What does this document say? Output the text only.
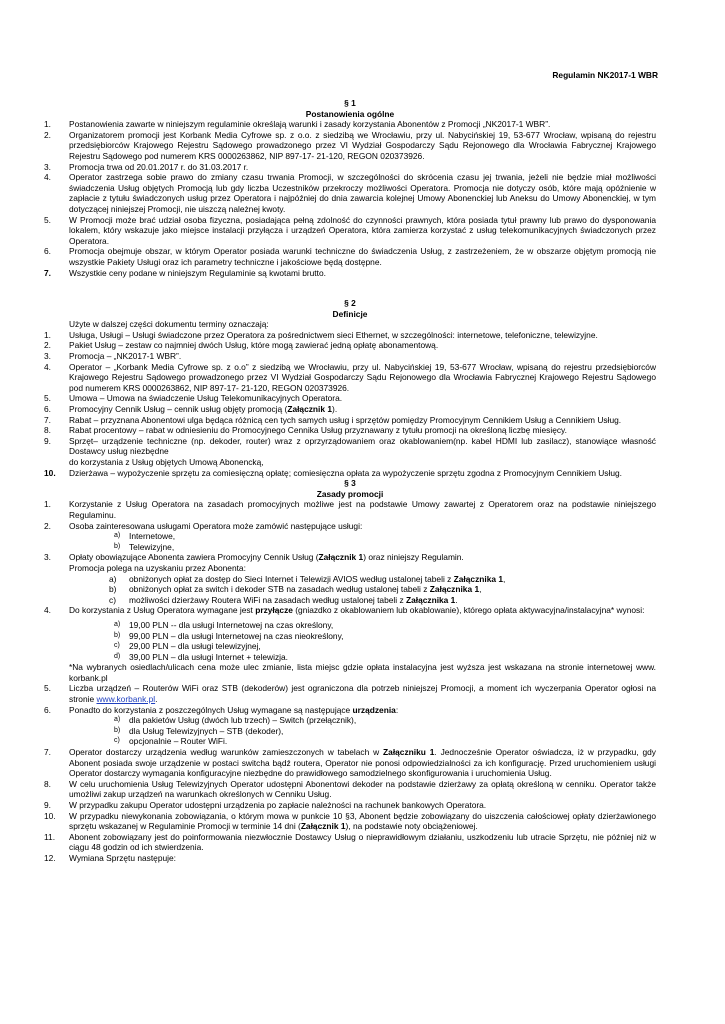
Regulamin NK2017-1 WBR
§ 1
Postanowienia ogólne
1.	Postanowienia zawarte w niniejszym regulaminie określają warunki i zasady korzystania Abonentów z Promocji „NK2017-1 WBR”.
2.	Organizatorem promocji jest Korbank Media Cyfrowe sp. z o.o. z siedzibą we Wrocławiu, przy ul. Nabycińskiej 19, 53-677 Wrocław, wpisaną do rejestru przedsiębiorców Krajowego Rejestru Sądowego prowadzonego przez VI Wydział Gospodarczy Sądu Rejonowego dla Wrocławia Fabrycznej Krajowego Rejestru Sądowego pod numerem KRS 0000263862, NIP 897-17- 21-120, REGON 020373926.
3.	Promocja trwa od 20.01.2017 r. do 31.03.2017 r.
4.	Operator zastrzega sobie prawo do zmiany czasu trwania Promocji, w szczególności do skrócenia czasu jej trwania, jeżeli nie będzie miał możliwości świadczenia Usług objętych Promocją lub gdy liczba Uczestników przekroczy możliwości Operatora. Promocja nie dotyczy osób, które mają opóźnienie w zapłacie z tytułu świadczonych usług przez Operatora i najpóźniej do dnia zawarcia kolejnej Umowy Abonenckiej lub Aneksu do Umowy Abonenckiej, w tym dotyczącej niniejszej Promocji, nie uiszczą należnej kwoty.
5.	W Promocji może brać udział osoba fizyczna, posiadająca pełną zdolność do czynności prawnych, która posiada tytuł prawny lub prawo do dysponowania lokalem, który wskazuje jako miejsce instalacji przyłącza i urządzeń Operatora, która zamierza korzystać z usług telekomunikacyjnych świadczonych przez Operatora.
6.	Promocja obejmuje obszar, w którym Operator posiada warunki techniczne do świadczenia Usług, z zastrzeżeniem, że w obszarze objętym promocją nie wszystkie Pakiety Usługi oraz ich parametry techniczne i jakościowe będą dostępne.
7.	Wszystkie ceny podane w niniejszym Regulaminie są kwotami brutto.
§ 2
Definicje
Użyte w dalszej części dokumentu terminy oznaczają:
1.	Usługa, Usługi – Usługi świadczone przez Operatora za pośrednictwem sieci Ethernet, w szczególności: internetowe, telefoniczne, telewizyjne.
2.	Pakiet Usług – zestaw co najmniej dwóch Usług, które mogą zawierać jedną opłatę abonamentową.
3.	Promocja – „NK2017-1 WBR”.
4.	Operator – „Korbank Media Cyfrowe sp. z o.o” z siedzibą we Wrocławiu, przy ul. Nabycińskiej 19, 53-677 Wrocław, wpisaną do rejestru przedsiębiorców Krajowego Rejestru Sądowego prowadzonego przez VI Wydział Gospodarczy Sądu Rejonowego dla Wrocławia Fabrycznej Krajowego Rejestru Sądowego pod numerem KRS 0000263862, NIP 897-17- 21-120, REGON 020373926.
5.	Umowa – Umowa na świadczenie Usług Telekomunikacyjnych Operatora.
6.	Promocyjny Cennik Usług – cennik usług objęty promocją (Załącznik 1).
7.	Rabat – przyznana Abonentowi ulga będąca różnicą cen tych samych usług i sprzętów pomiędzy Promocyjnym Cennikiem Usług a Cennikiem Usług.
8.	Rabat procentowy – rabat w odniesieniu do Promocyjnego Cennika Usług przyznawany z tytułu promocji na określoną liczbę miesięcy.
9.	Sprzęt– urządzenie techniczne (np. dekoder, router) wraz z oprzyrządowaniem oraz okablowaniem(np. kabel HDMI lub zasilacz), stanowiące własność Dostawcy usług niezbędne
do korzystania z Usług objętych Umową Abonencką,
10.	Dzierżawa – wypożyczenie sprzętu za comiesięczną opłatę; comiesięczna opłata za wypożyczenie sprzętu zgodna z Promocyjnym Cennikiem Usług.
§ 3
Zasady promocji
1.	Korzystanie z Usług Operatora na zasadach promocyjnych możliwe jest na podstawie Umowy zawartej z Operatorem oraz na podstawie niniejszego Regulaminu.
2.	Osoba zainteresowana usługami Operatora może zamówić następujące usługi:
a) Internetowe,
b) Telewizyjne,
3.	Opłaty obowiązujące Abonenta zawiera Promocyjny Cennik Usług (Załącznik 1) oraz niniejszy Regulamin.
Promocja polega na uzyskaniu przez Abonenta:
a) obniżonych opłat za dostęp do Sieci Internet i Telewizji AVIOS według ustalonej tabeli z Załącznika 1,
b) obniżonych opłat za switch i dekoder STB na zasadach według ustalonej tabeli z Załącznika 1,
c) możliwości dzierżawy Routera WiFi na zasadach według ustalonej tabeli z Załącznika 1.
4.	Do korzystania z Usług Operatora wymagane jest przyłącze (gniazdko z okablowaniem lub okablowanie), którego opłata aktywacyjna/instalacyjna* wynosi:
a) 19,00 PLN -- dla usługi Internetowej na czas określony,
b) 99,00 PLN – dla usługi Internetowej na czas nieokreślony,
c) 29,00 PLN – dla usługi telewizyjnej,
d) 39,00 PLN – dla usługi Internet + telewizja.
*Na wybranych osiedlach/ulicach cena może ulec zmianie, lista miejsc gdzie opłata instalacyjna jest wyższa jest wskazana na stronie internetowej www. korbank.pl
5.	Liczba urządzeń – Routerów WiFi oraz STB (dekoderów) jest ograniczona dla potrzeb niniejszej Promocji, a moment ich wyczerpania Operator ogłosi na stronie www.korbank.pl.
6.	Ponadto do korzystania z poszczególnych Usług wymagane są następujące urządzenia:
a) dla pakietów Usług (dwóch lub trzech) – Switch (przełącznik),
b) dla Usług Telewizyjnych – STB (dekoder),
c) opcjonalnie – Router WiFi.
7.	Operator dostarczy urządzenia według warunków zamieszczonych w tabelach w Załączniku 1. Jednocześnie Operator oświadcza, iż w przypadku, gdy Abonent posiada swoje urządzenie w postaci switcha bądź routera, Operator nie ponosi odpowiedzialności za ich konfigurację. Przed uruchomieniem usługi Operator dostarczy wymagania konfiguracyjne niezbędne do prawidłowego samodzielnego skonfigurowania i uruchomienia Usług.
8.	W celu uruchomienia Usług Telewizyjnych Operator udostępni Abonentowi dekoder na podstawie dzierżawy za opłatą określoną w cenniku. Operator także umożliwi zakup urządzeń na warunkach określonych w Cenniku Usług.
9.	W przypadku zakupu Operator udostępni urządzenia po zapłacie należności na rachunek bankowych Operatora.
10.	W przypadku niewykonania zobowiązania, o którym mowa w punkcie 10 §3, Abonent będzie zobowiązany do uiszczenia całościowej opłaty dzierżawionego sprzętu wskazanej w Regulaminie Promocji w terminie 14 dni (Załącznik 1), na podstawie noty obciążeniowej.
11.	Abonent zobowiązany jest do poinformowania niezwłocznie Dostawcy Usług o nieprawidłowym działaniu, uszkodzeniu lub utracie Sprzętu, nie później niż w ciągu 48 godzin od ich stwierdzenia.
12.	Wymiana Sprzętu następuje:
